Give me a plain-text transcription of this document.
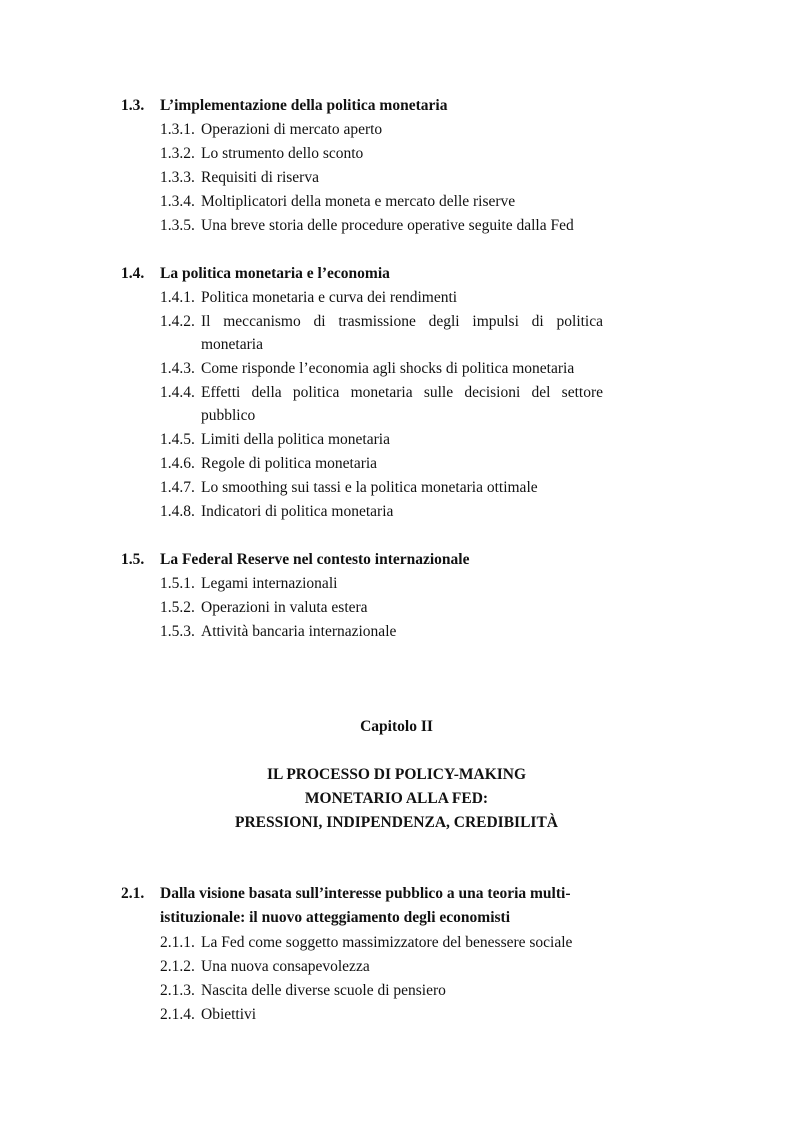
1.3. L’implementazione della politica monetaria
1.3.1. Operazioni di mercato aperto
1.3.2. Lo strumento dello sconto
1.3.3. Requisiti di riserva
1.3.4. Moltiplicatori della moneta e mercato delle riserve
1.3.5. Una breve storia delle procedure operative seguite dalla Fed
1.4. La politica monetaria e l’economia
1.4.1. Politica monetaria e curva dei rendimenti
1.4.2. Il meccanismo di trasmissione degli impulsi di politica
monetaria
1.4.3. Come risponde l’economia agli shocks di politica monetaria
1.4.4. Effetti della politica monetaria sulle decisioni del settore
pubblico
1.4.5. Limiti della politica monetaria
1.4.6. Regole di politica monetaria
1.4.7. Lo smoothing sui tassi e la politica monetaria ottimale
1.4.8. Indicatori di politica monetaria
1.5. La Federal Reserve nel contesto internazionale
1.5.1. Legami internazionali
1.5.2. Operazioni in valuta estera
1.5.3. Attività bancaria internazionale
Capitolo II
IL PROCESSO DI POLICY-MAKING
MONETARIO ALLA FED:
PRESSIONI, INDIPENDENZA, CREDIBILITÀ
2.1. Dalla visione basata sull’interesse pubblico a una teoria multi-
istituzionale: il nuovo atteggiamento degli economisti
2.1.1. La Fed come soggetto massimizzatore del benessere sociale
2.1.2. Una nuova consapevolezza
2.1.3. Nascita delle diverse scuole di pensiero
2.1.4. Obiettivi
